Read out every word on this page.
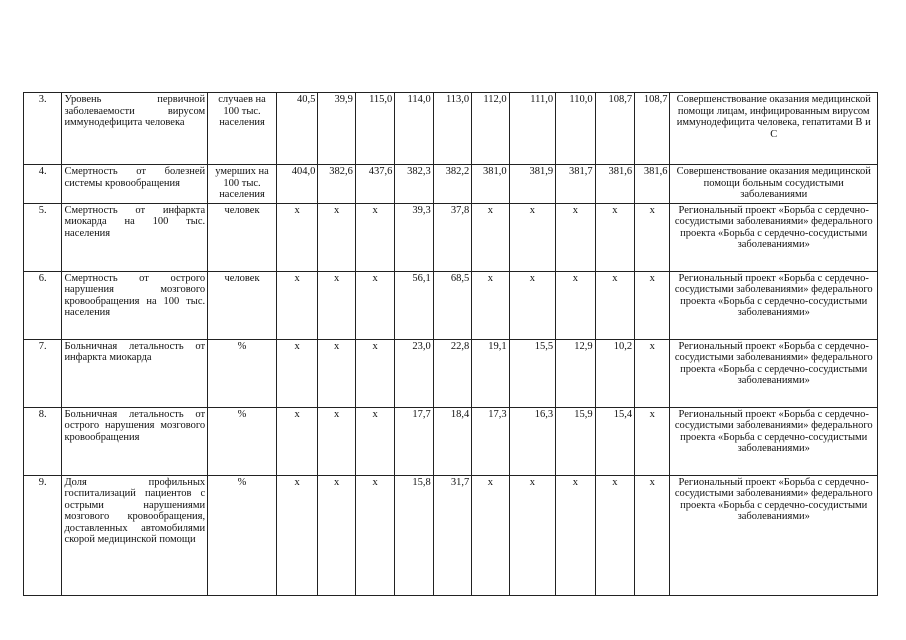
3.	Уровень первичной заболеваемости вирусом иммунодефицита человека	случаев на 100 тыс. населения	40,5	39,9	115,0	114,0	113,0	112,0	111,0	110,0	108,7	108,7	Совершенствование оказания медицинской помощи лицам, инфицированным вирусом иммунодефицита человека, гепатитами В и С
4.	Смертность от болезней системы кровообращения	умерших на 100 тыс. населения	404,0	382,6	437,6	382,3	382,2	381,0	381,9	381,7	381,6	381,6	Совершенствование оказания медицинской помощи больным сосудистыми заболеваниями
5.	Смертность от инфаркта миокарда на 100 тыс. населения	человек	х	х	х	39,3	37,8	х	х	х	х	х	Региональный проект «Борьба с сердечно-сосудистыми заболеваниями» федерального проекта «Борьба с сердечно-сосудистыми заболеваниями»
6.	Смертность от острого нарушения мозгового кровообращения на 100 тыс. населения	человек	х	х	х	56,1	68,5	х	х	х	х	х	Региональный проект «Борьба с сердечно-сосудистыми заболеваниями» федерального проекта «Борьба с сердечно-сосудистыми заболеваниями»
7.	Больничная летальность от инфаркта миокарда	%	х	х	х	23,0	22,8	19,1	15,5	12,9	10,2	х	Региональный проект «Борьба с сердечно-сосудистыми заболеваниями» федерального проекта «Борьба с сердечно-сосудистыми заболеваниями»
8.	Больничная летальность от острого нарушения мозгового кровообращения	%	х	х	х	17,7	18,4	17,3	16,3	15,9	15,4	х	Региональный проект «Борьба с сердечно-сосудистыми заболеваниями» федерального проекта «Борьба с сердечно-сосудистыми заболеваниями»
9.	Доля профильных госпитализаций пациентов с острыми нарушениями мозгового кровообращения, доставленных автомобилями скорой медицинской помощи	%	х	х	х	15,8	31,7	х	х	х	х	х	Региональный проект «Борьба с сердечно-сосудистыми заболеваниями» федерального проекта «Борьба с сердечно-сосудистыми заболеваниями»
